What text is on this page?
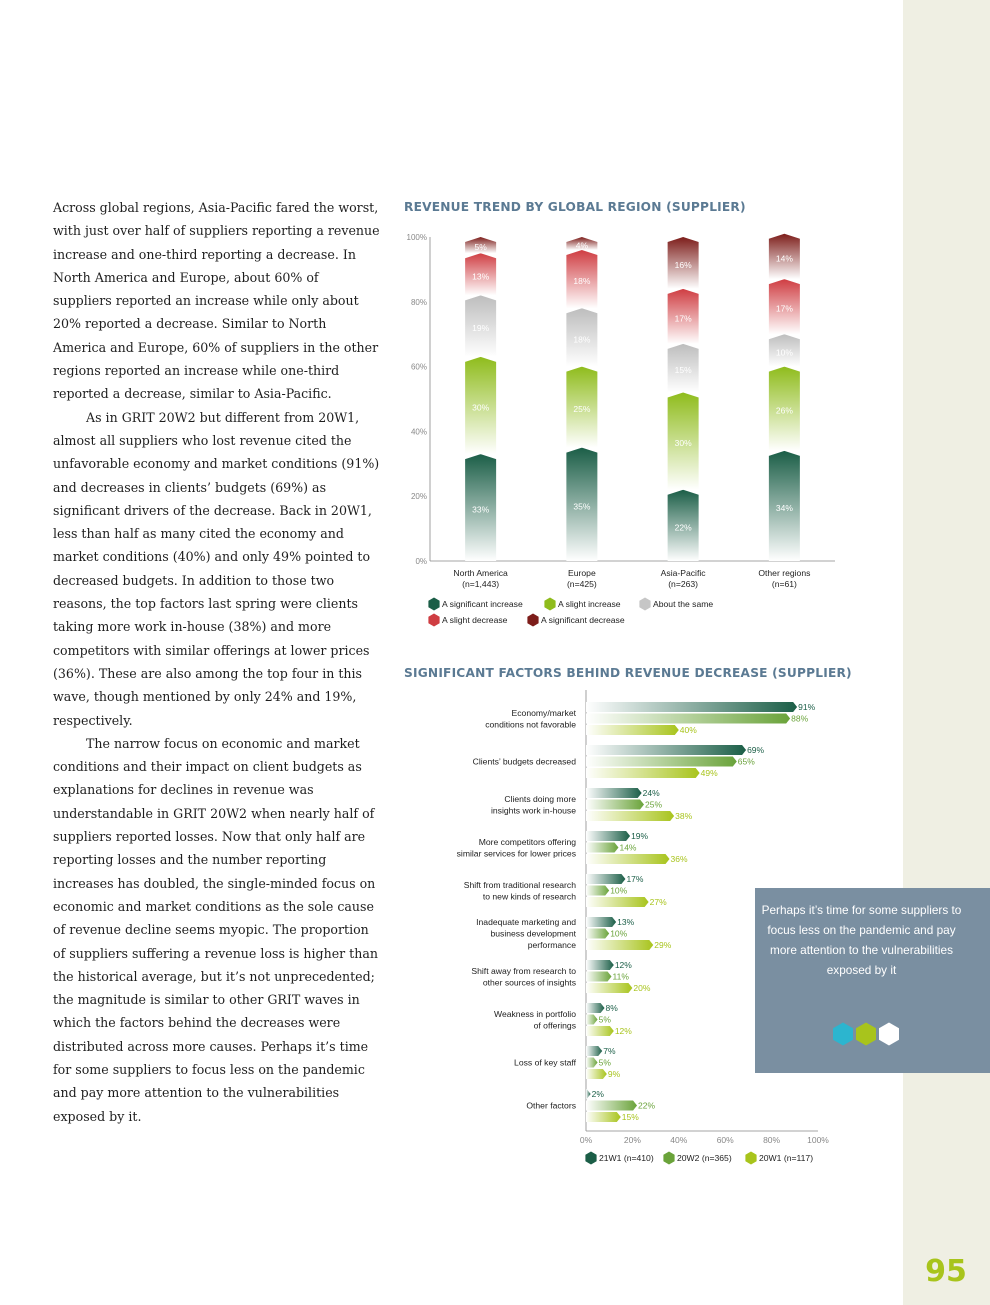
95

Across global regions, Asia-Pacific fared the worst, with just over half of suppliers reporting a revenue increase and one-third reporting a decrease. In North America and Europe, about 60% of suppliers reported an increase while only about 20% reported a decrease. Similar to North America and Europe, 60% of suppliers in the other regions reported an increase while one-third reported a decrease, similar to Asia-Pacific.

As in GRIT 20W2 but different from 20W1, almost all suppliers who lost revenue cited the unfavorable economy and market conditions (91%) and decreases in clients’ budgets (69%) as significant drivers of the decrease. Back in 20W1, less than half as many cited the economy and market conditions (40%) and only 49% pointed to decreased budgets. In addition to those two reasons, the top factors last spring were clients taking more work in-house (38%) and more competitors with similar offerings at lower prices (36%). These are also among the top four in this wave, though mentioned by only 24% and 19%, respectively.

The narrow focus on economic and market conditions and their impact on client budgets as explanations for declines in revenue was understandable in GRIT 20W2 when nearly half of suppliers reported losses. Now that only half are reporting losses and the number reporting increases has doubled, the single-minded focus on economic and market conditions as the sole cause of revenue decline seems myopic. The proportion of suppliers suffering a revenue loss is higher than the historical average, but it’s not unprecedented; the magnitude is similar to other GRIT waves in which the factors behind the decreases were distributed across more causes. Perhaps it’s time for some suppliers to focus less on the pandemic and pay more attention to the vulnerabilities exposed by it.

REVENUE TREND BY GLOBAL REGION (SUPPLIER)
SIGNIFICANT FACTORS BEHIND REVENUE DECREASE (SUPPLIER)
0%
20%
40%
60%
80%
100%
33%
30%
19%
13%
5%
North America
(n=1,443)
35%
25%
18%
18%
4%
Europe
(n=425)
22%
30%
15%
17%
16%
Asia-Pacific
(n=263)
34%
26%
10%
17%
14%
Other regions
(n=61)
A significant increase	A slight increase	About the same
A slight decrease	A significant decrease
0%	20%	40%	60%	80%	100%
91%
88%
40%
Economy/market
conditions not favorable
69%
65%
49%
Clients’ budgets decreased
24%
25%
38%
Clients doing more
insights work in-house
19%
14%
36%
More competitors offering
similar services for lower prices
17%
10%
27%
Shift from traditional research
to new kinds of research
13%
10%
29%
Inadequate marketing and
business development
performance
12%
11%
20%
Shift away from research to
other sources of insights
8%
5%
12%
Weakness in portfolio
of offerings
7%
5%
9%
Loss of key staff
2%
22%
15%
Other factors
21W1 (n=410)	20W2 (n=365)	20W1 (n=117)

Perhaps it’s time for some suppliers to focus less on the pandemic and pay more attention to the vulnerabilities exposed by it
